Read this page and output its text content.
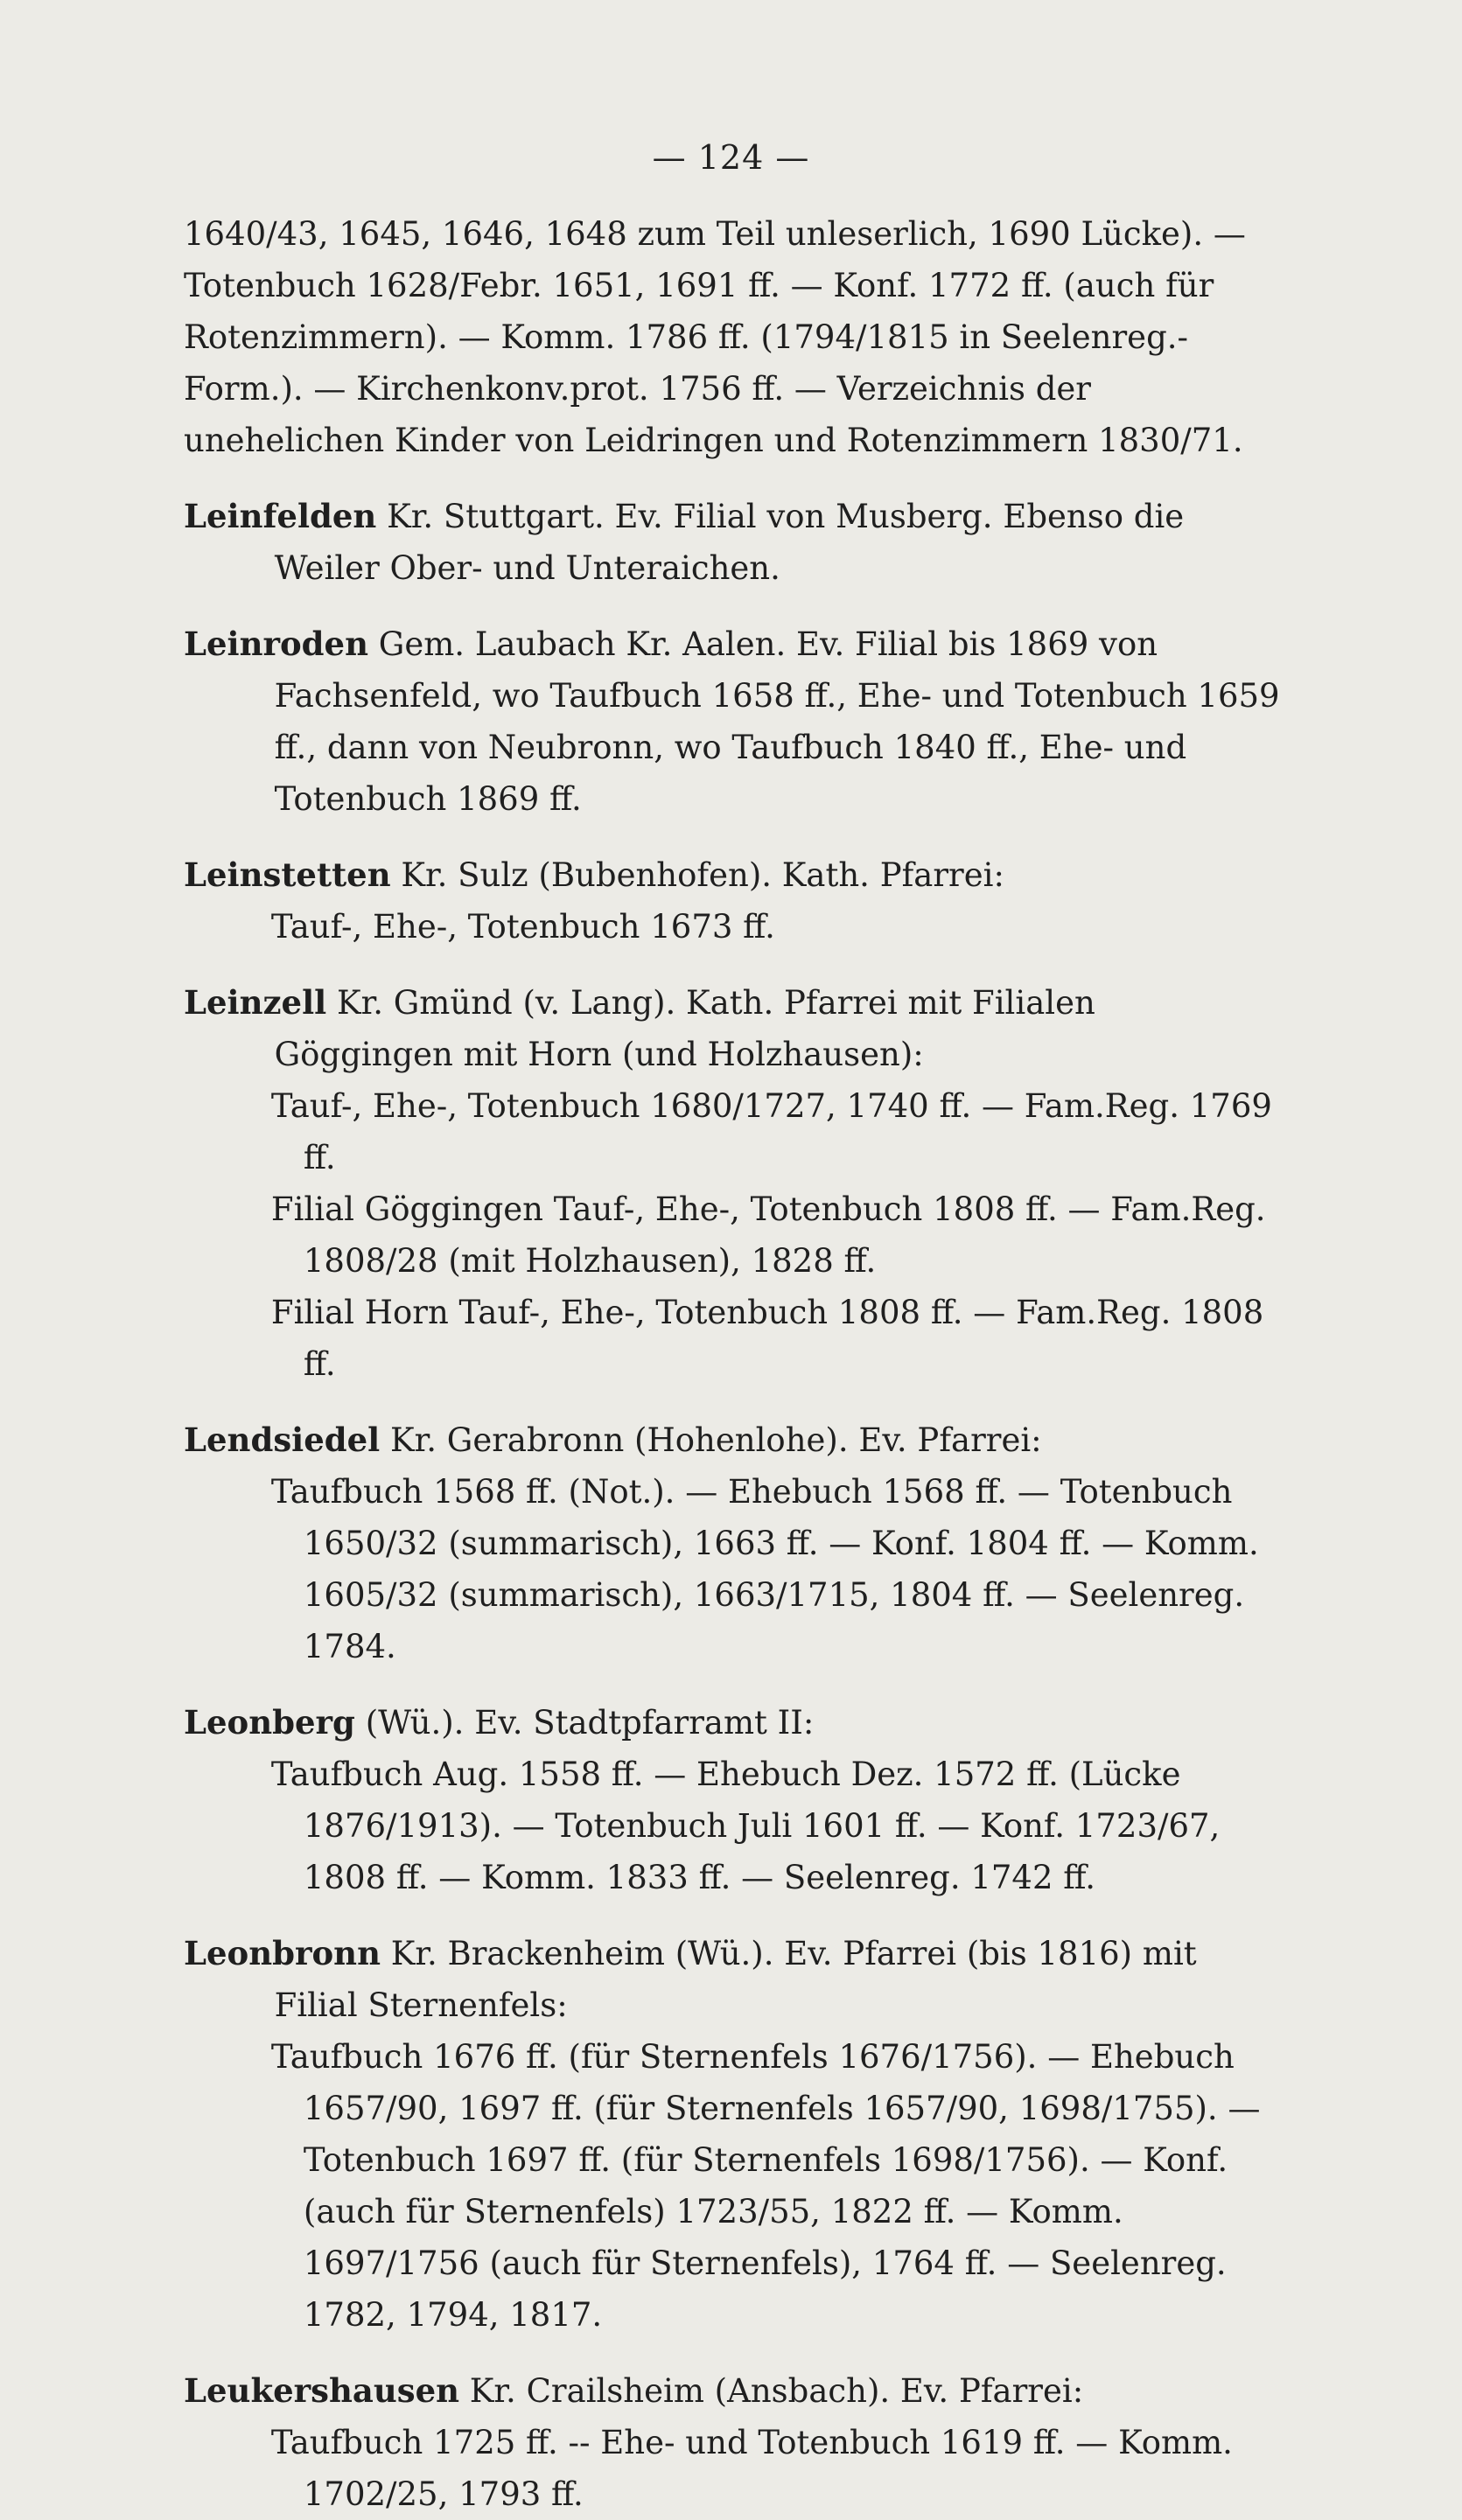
— 124 —

1640/43, 1645, 1646, 1648 zum Teil unleserlich, 1690 Lücke). — Totenbuch 1628/Febr. 1651, 1691 ff. — Konf. 1772 ff. (auch für Rotenzimmern). — Komm. 1786 ff. (1794/1815 in Seelenreg.-Form.). — Kirchenkonv.prot. 1756 ff. — Verzeichnis der unehelichen Kinder von Leidringen und Rotenzimmern 1830/71.

Leinfelden Kr. Stuttgart. Ev. Filial von Musberg. Ebenso die Weiler Ober- und Unteraichen.

Leinroden Gem. Laubach Kr. Aalen. Ev. Filial bis 1869 von Fachsenfeld, wo Taufbuch 1658 ff., Ehe- und Totenbuch 1659 ff., dann von Neubronn, wo Taufbuch 1840 ff., Ehe- und Totenbuch 1869 ff.

Leinstetten Kr. Sulz (Bubenhofen). Kath. Pfarrei:

Tauf-, Ehe-, Totenbuch 1673 ff.

Leinzell Kr. Gmünd (v. Lang). Kath. Pfarrei mit Filialen Göggingen mit Horn (und Holzhausen):

Tauf-, Ehe-, Totenbuch 1680/1727, 1740 ff. — Fam.Reg. 1769 ff.

Filial Göggingen Tauf-, Ehe-, Totenbuch 1808 ff. — Fam.Reg. 1808/28 (mit Holzhausen), 1828 ff.

Filial Horn Tauf-, Ehe-, Totenbuch 1808 ff. — Fam.Reg. 1808 ff.

Lendsiedel Kr. Gerabronn (Hohenlohe). Ev. Pfarrei:

Taufbuch 1568 ff. (Not.). — Ehebuch 1568 ff. — Totenbuch 1650/32 (summarisch), 1663 ff. — Konf. 1804 ff. — Komm. 1605/32 (summarisch), 1663/1715, 1804 ff. — Seelenreg. 1784.

Leonberg (Wü.). Ev. Stadtpfarramt II:

Taufbuch Aug. 1558 ff. — Ehebuch Dez. 1572 ff. (Lücke 1876/1913). — Totenbuch Juli 1601 ff. — Konf. 1723/67, 1808 ff. — Komm. 1833 ff. — Seelenreg. 1742 ff.

Leonbronn Kr. Brackenheim (Wü.). Ev. Pfarrei (bis 1816) mit Filial Sternenfels:

Taufbuch 1676 ff. (für Sternenfels 1676/1756). — Ehebuch 1657/90, 1697 ff. (für Sternenfels 1657/90, 1698/1755). — Totenbuch 1697 ff. (für Sternenfels 1698/1756). — Konf. (auch für Sternenfels) 1723/55, 1822 ff. — Komm. 1697/1756 (auch für Sternenfels), 1764 ff. — Seelenreg. 1782, 1794, 1817.

Leukershausen Kr. Crailsheim (Ansbach). Ev. Pfarrei:

Taufbuch 1725 ff. -- Ehe- und Totenbuch 1619 ff. — Komm. 1702/25, 1793 ff.
